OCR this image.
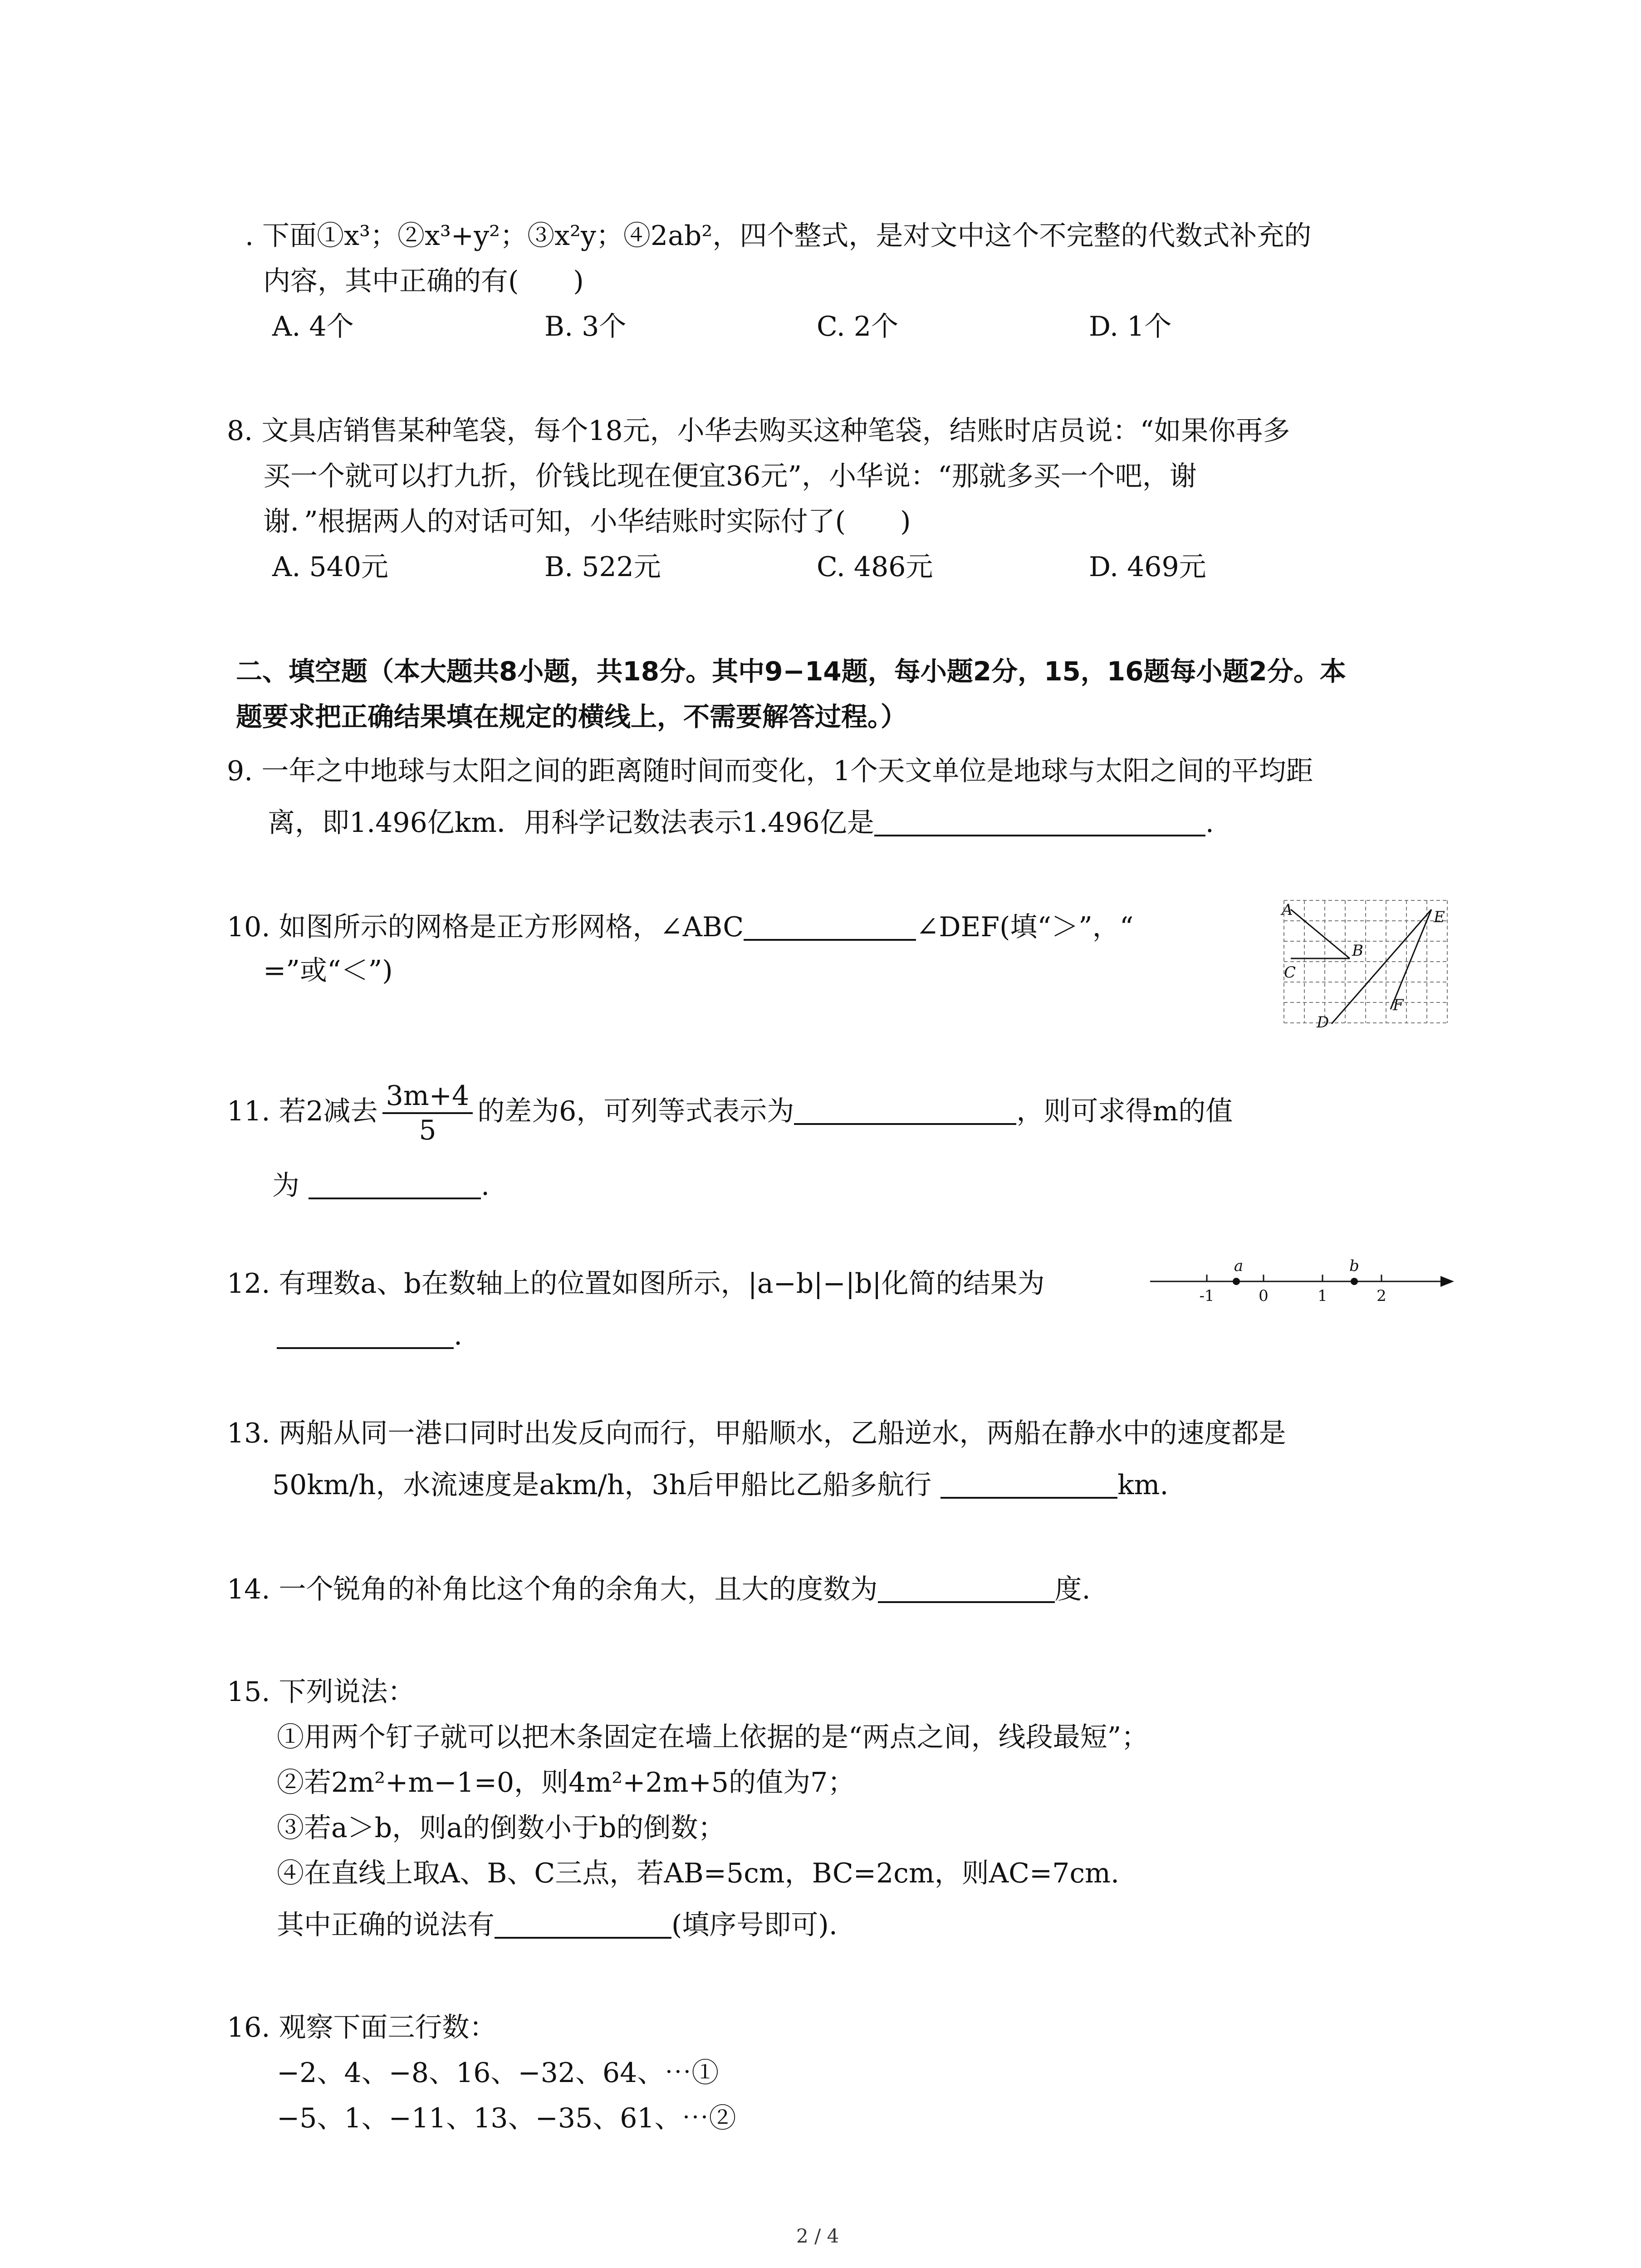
. 下面①x³；②x³+y²；③x²y；④2ab²，四个整式，是对文中这个不完整的代数式补充的
内容，其中正确的有(　　)
A. 4个	B. 3个	C. 2个	D. 1个
8. 文具店销售某种笔袋，每个18元，小华去购买这种笔袋，结账时店员说：“如果你再多
买一个就可以打九折，价钱比现在便宜36元”，小华说：“那就多买一个吧，谢
谢．”根据两人的对话可知，小华结账时实际付了(　　)
A. 540元	B. 522元	C. 486元	D. 469元
二、填空题（本大题共8小题，共18分。其中9−14题，每小题2分，15，16题每小题2分。本
题要求把正确结果填在规定的横线上，不需要解答过程。）
9. 一年之中地球与太阳之间的距离随时间而变化，1个天文单位是地球与太阳之间的平均距
离，即1.496亿km．用科学记数法表示1.496亿是	.
10. 如图所示的网格是正方形网格，∠ABC	∠DEF(填“＞”，“
=”或“＜”)
A	E
B
C
D
F
11. 若2减去 $\frac{3m+4}{5}$ 的差为6，可列等式表示为	，则可求得m的值
为	.
12. 有理数a、b在数轴上的位置如图所示，|a−b|−|b|化简的结果为
.
-1	0	1	2
a	b
13. 两船从同一港口同时出发反向而行，甲船顺水，乙船逆水，两船在静水中的速度都是
50km/h，水流速度是akm/h，3h后甲船比乙船多航行	km.
14. 一个锐角的补角比这个角的余角大，且大的度数为	度.
15. 下列说法：
①用两个钉子就可以把木条固定在墙上依据的是“两点之间，线段最短”；
②若2m²+m−1=0，则4m²+2m+5的值为7；
③若a＞b，则a的倒数小于b的倒数；
④在直线上取A、B、C三点，若AB=5cm，BC=2cm，则AC=7cm.
其中正确的说法有	(填序号即可).
16. 观察下面三行数：
−2、4、−8、16、−32、64、⋯①
−5、1、−11、13、−35、61、⋯②
2 / 4
